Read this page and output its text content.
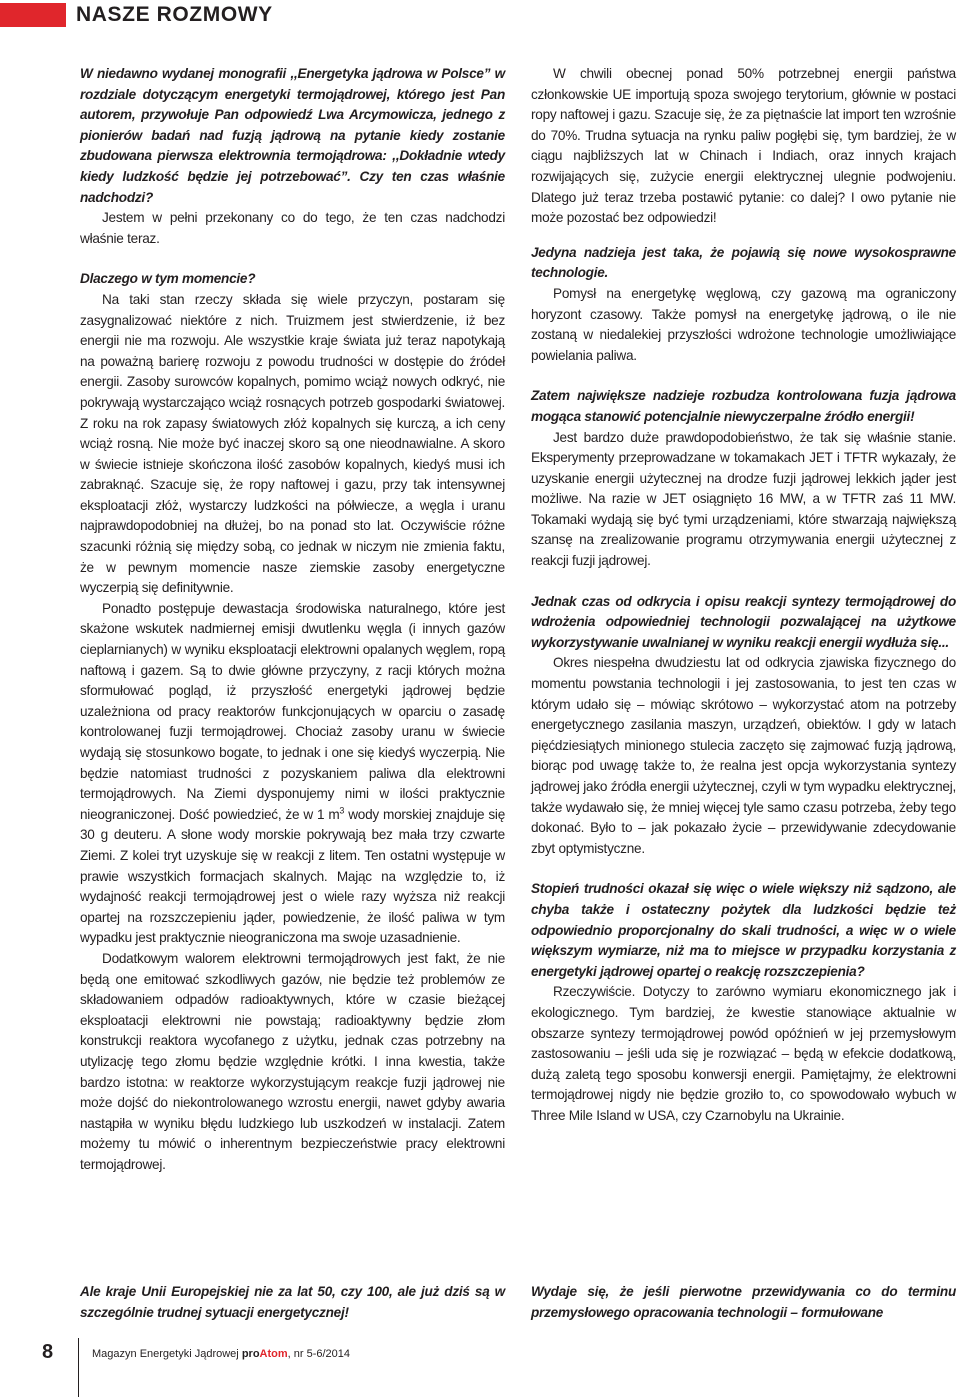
NASZE ROZMOWY

W niedawno wydanej monografii ,,Energetyka jądrowa w Polsce” w rozdziale dotyczącym energetyki termojądrowej, którego jest Pan autorem, przywołuje Pan odpowiedź Lwa Arcymowicza, jednego z pionierów badań nad fuzją jądrową na pytanie kiedy zostanie zbudowana pierwsza elektrownia termojądrowa: ,,Dokładnie wtedy kiedy ludzkość będzie jej potrzebować”. Czy ten czas właśnie nadchodzi?

Jestem w pełni przekonany co do tego, że ten czas nadchodzi właśnie teraz.

Dlaczego w tym momencie?

Na taki stan rzeczy składa się wiele przyczyn, postaram się zasygnalizować niektóre z nich. Truizmem jest stwierdzenie, iż bez energii nie ma rozwoju. Ale wszystkie kraje świata już teraz napotykają na poważną barierę rozwoju z powodu trudności w dostępie do źródeł energii. Zasoby surowców kopalnych, pomimo wciąż nowych odkryć, nie pokrywają wystarczająco wciąż rosnących potrzeb gospodarki światowej. Z roku na rok zapasy światowych złóż kopalnych się kurczą, a ich ceny wciąż rosną. Nie może być inaczej skoro są one nieodnawialne. A skoro w świecie istnieje skończona ilość zasobów kopalnych, kiedyś musi ich zabraknąć. Szacuje się, że ropy naftowej i gazu, przy tak intensywnej eksploatacji złóż, wystarczy ludzkości na półwiecze, a węgla i uranu najprawdopodobniej na dłużej, bo na ponad sto lat. Oczywiście różne szacunki różnią się między sobą, co jednak w niczym nie zmienia faktu, że w pewnym momencie nasze ziemskie zasoby energetyczne wyczerpią się definitywnie.

Ponadto postępuje dewastacja środowiska naturalnego, które jest skażone wskutek nadmiernej emisji dwutlenku węgla (i innych gazów cieplarnianych) w wyniku eksploatacji elektrowni opalanych węglem, ropą naftową i gazem. Są to dwie główne przyczyny, z racji których można sformułować pogląd, iż przyszłość energetyki jądrowej będzie uzależniona od pracy reaktorów funkcjonujących w oparciu o zasadę kontrolowanej fuzji termojądrowej. Chociaż zasoby uranu w świecie wydają się stosunkowo bogate, to jednak i one się kiedyś wyczerpią. Nie będzie natomiast trudności z pozyskaniem paliwa dla elektrowni termojądrowych. Na Ziemi dysponujemy nimi w ilości praktycznie nieograniczonej. Dość powiedzieć, że w 1 $m^3$ wody morskiej znajduje się 30 g deuteru. A słone wody morskie pokrywają bez mała trzy czwarte Ziemi. Z kolei tryt uzyskuje się w reakcji z litem. Ten ostatni występuje w prawie wszystkich formacjach skalnych. Mając na względzie to, iż wydajność reakcji termojądrowej jest o wiele razy wyższa niż reakcji opartej na rozszczepieniu jąder, powiedzenie, że ilość paliwa w tym wypadku jest praktycznie nieograniczona ma swoje uzasadnienie.

Dodatkowym walorem elektrowni termojądrowych jest fakt, że nie będą one emitować szkodliwych gazów, nie będzie też problemów ze składowaniem odpadów radioaktywnych, które w czasie bieżącej eksploatacji elektrowni nie powstają; radioaktywny będzie złom konstrukcji reaktora wycofanego z użytku, jednak czas potrzebny na utylizację tego złomu będzie względnie krótki. I inna kwestia, także bardzo istotna: w reaktorze wykorzystującym reakcje fuzji jądrowej nie może dojść do niekontrolowanego wzrostu energii, nawet gdyby awaria nastąpiła w wyniku błędu ludzkiego lub uszkodzeń w instalacji. Zatem możemy tu mówić o inherentnym bezpieczeństwie pracy elektrowni termojądrowej.

Ale kraje Unii Europejskiej nie za lat 50, czy 100, ale już dziś są w szczególnie trudnej sytuacji energetycznej!

W chwili obecnej ponad 50% potrzebnej energii państwa członkowskie UE importują spoza swojego terytorium, głównie w postaci ropy naftowej i gazu. Szacuje się, że za piętnaście lat import ten wzrośnie do 70%. Trudna sytuacja na rynku paliw pogłębi się, tym bardziej, że w ciągu najbliższych lat w Chinach i Indiach, oraz innych krajach rozwijających się, zużycie energii elektrycznej ulegnie podwojeniu. Dlatego już teraz trzeba postawić pytanie: co dalej? I owo pytanie nie może pozostać bez odpowiedzi!

Jedyna nadzieja jest taka, że pojawią się nowe wysokosprawne technologie.

Pomysł na energetykę węglową, czy gazową ma ograniczony horyzont czasowy. Także pomysł na energetykę jądrową, o ile nie zostaną w niedalekiej przyszłości wdrożone technologie umożliwiające powielania paliwa.

Zatem największe nadzieje rozbudza kontrolowana fuzja jądrowa mogąca stanowić potencjalnie niewyczerpalne źródło energii!

Jest bardzo duże prawdopodobieństwo, że tak się właśnie stanie. Eksperymenty przeprowadzane w tokamakach JET i TFTR wykazały, że uzyskanie energii użytecznej na drodze fuzji jądrowej lekkich jąder jest możliwe. Na razie w JET osiągnięto 16 MW, a w TFTR zaś 11 MW. Tokamaki wydają się być tymi urządzeniami, które stwarzają największą szansę na zrealizowanie programu otrzymywania energii użytecznej z reakcji fuzji jądrowej.

Jednak czas od odkrycia i opisu reakcji syntezy termojądrowej do wdrożenia odpowiedniej technologii pozwalającej na użytkowe wykorzystywanie uwalnianej w wyniku reakcji energii wydłuża się...

Okres niespełna dwudziestu lat od odkrycia zjawiska fizycznego do momentu powstania technologii i jej zastosowania, to jest ten czas w którym udało się – mówiąc skrótowo – wykorzystać atom na potrzeby energetycznego zasilania maszyn, urządzeń, obiektów. I gdy w latach pięćdziesiątych minionego stulecia zaczęto się zajmować fuzją jądrową, biorąc pod uwagę także to, że realna jest opcja wykorzystania syntezy jądrowej jako źródła energii użytecznej, czyli w tym wypadku elektrycznej, także wydawało się, że mniej więcej tyle samo czasu potrzeba, żeby tego dokonać. Było to – jak pokazało życie – przewidywanie zdecydowanie zbyt optymistyczne.

Stopień trudności okazał się więc o wiele większy niż sądzono, ale chyba także i ostateczny pożytek dla ludzkości będzie też odpowiednio proporcjonalny do skali trudności, a więc w o wiele większym wymiarze, niż ma to miejsce w przypadku korzystania z energetyki jądrowej opartej o reakcję rozszczepienia?

Rzeczywiście. Dotyczy to zarówno wymiaru ekonomicznego jak i ekologicznego. Tym bardziej, że kwestie stanowiące aktualnie w obszarze syntezy termojądrowej powód opóźnień w jej przemysłowym zastosowaniu – jeśli uda się je rozwiązać – będą w efekcie dodatkową, dużą zaletą tego sposobu konwersji energii. Pamiętajmy, że elektrowni termojądrowej nigdy nie będzie groziło to, co spowodowało wybuch w Three Mile Island w USA, czy Czarnobylu na Ukrainie.

Wydaje się, że jeśli pierwotne przewidywania co do terminu przemysłowego opracowania technologii – formułowane
8	Magazyn Energetyki Jądrowej proAtom, nr 5-6/2014
